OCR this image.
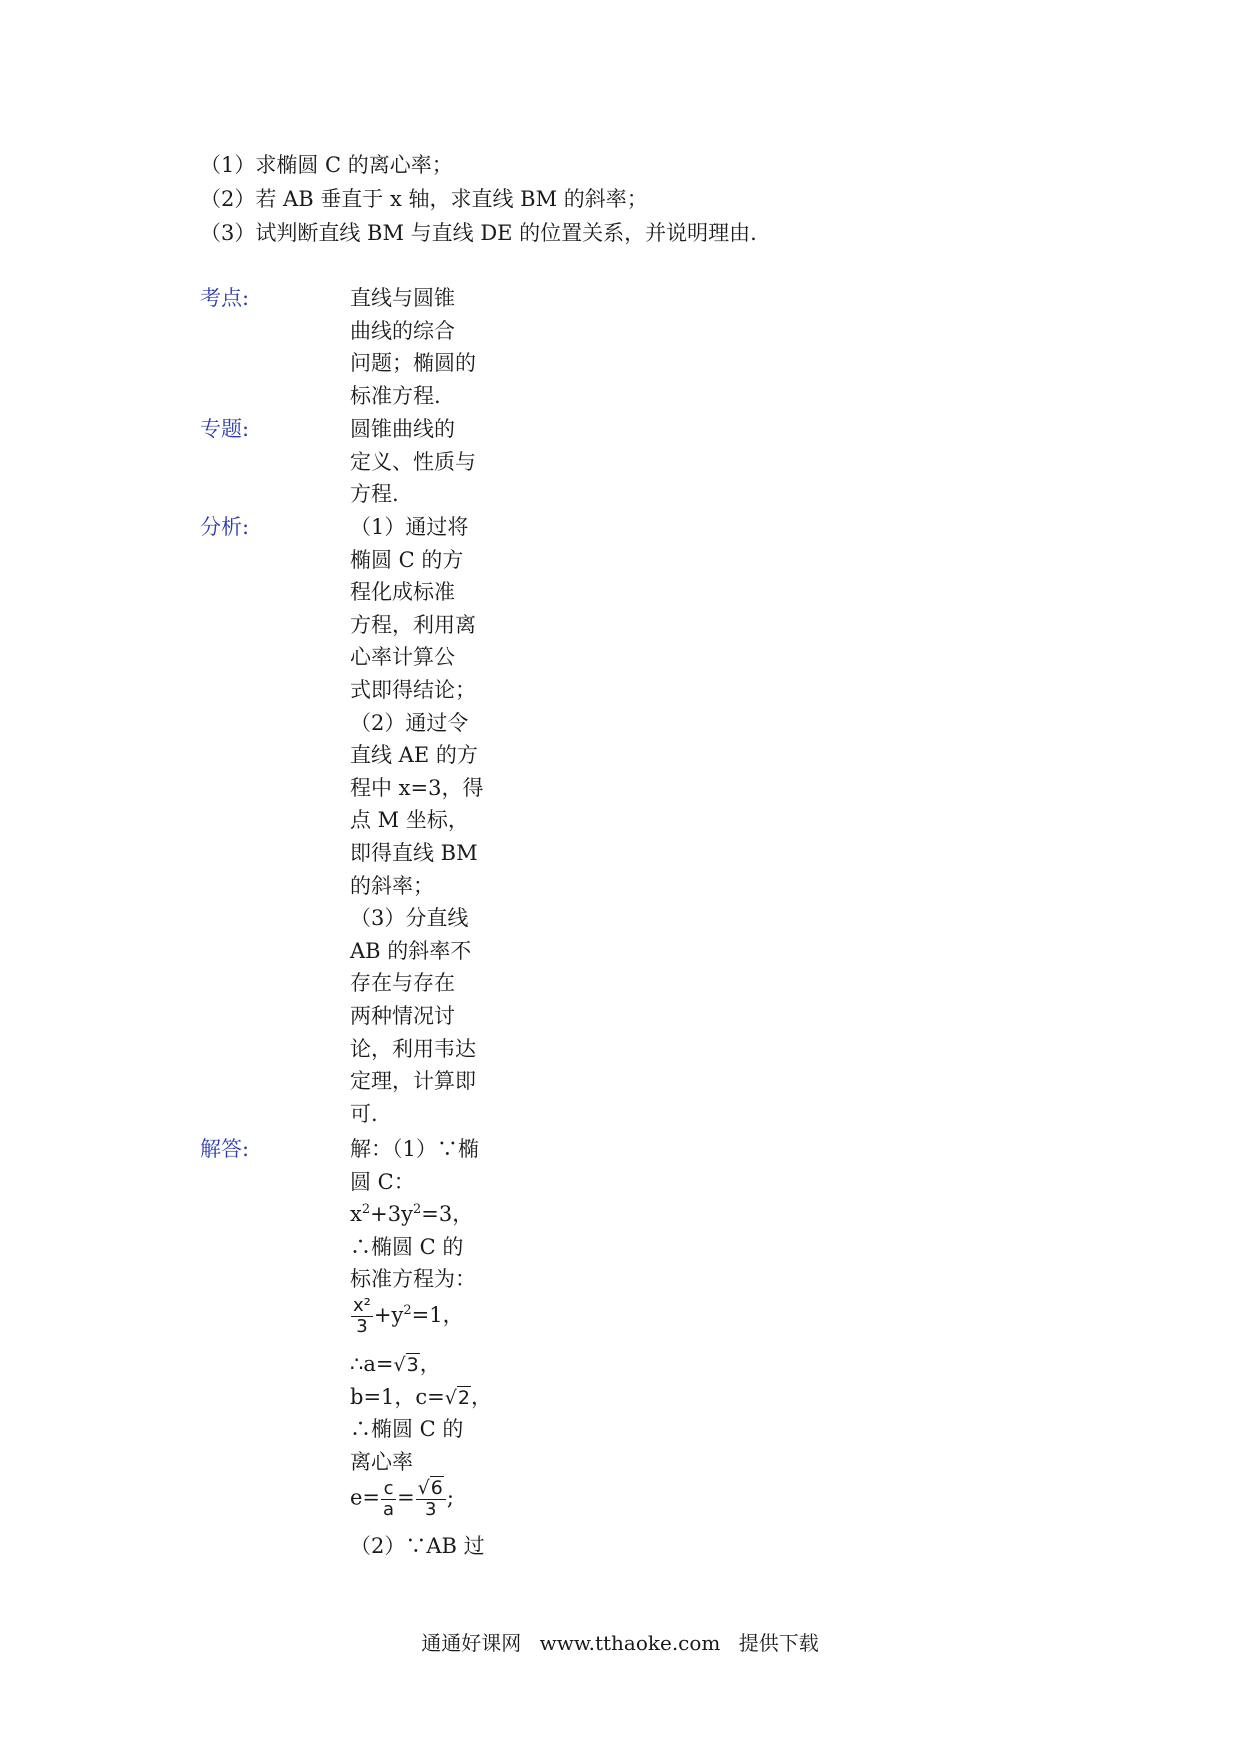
（1）求椭圆 C 的离心率；
（2）若 AB 垂直于 x 轴，求直线 BM 的斜率；
（3）试判断直线 BM 与直线 DE 的位置关系，并说明理由.
考点:	直线与圆锥
曲线的综合
问题；椭圆的
标准方程.
专题:	圆锥曲线的
定义、性质与
方程.
分析:	（1）通过将
椭圆 C 的方
程化成标准
方程，利用离
心率计算公
式即得结论；
（2）通过令
直线 AE 的方
程中 x=3，得
点 M 坐标，
即得直线 BM
的斜率；
（3）分直线
AB 的斜率不
存在与存在
两种情况讨
论，利用韦达
定理，计算即
可.
解答:	解：（1）∵椭
圆 C：
$x^2+3y^2=3$，
∴椭圆 C 的
标准方程为：
$\frac{\text{x²}}{3} +y^2=1$，
∴a=√3，
b=1，c=√2，
∴椭圆 C 的
离心率
$e= \frac{c}{a} = \frac{√6}{3}$ ;
（2）∵AB 过
通通好课网 www.tthaoke.com 提供下载
